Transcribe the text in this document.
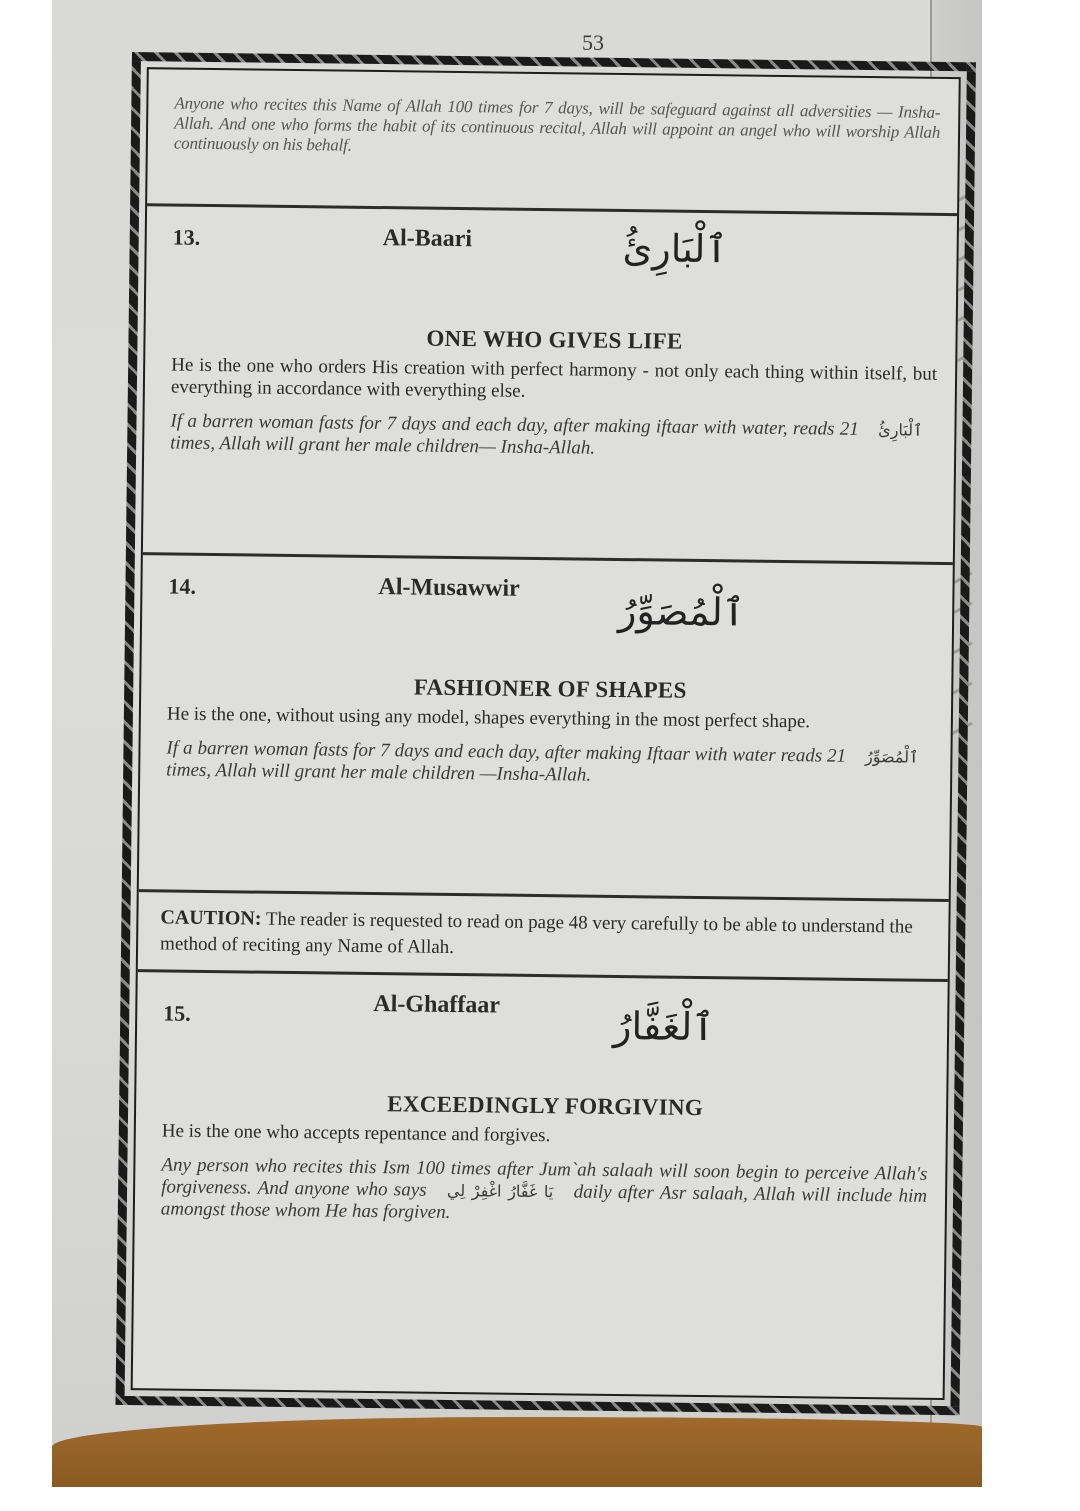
53

Anyone who recites this Name of Allah 100 times for 7 days, will be safeguard against all adversities — Insha-Allah. And one who forms the habit of its continuous recital, Allah will appoint an angel who will worship Allah continuously on his behalf.

13.	Al-Baari	ٱلْبَارِئُ
ONE WHO GIVES LIFE

He is the one who orders His creation with perfect harmony - not only each thing within itself, but everything in accordance with everything else.

If a barren woman fasts for 7 days and each day, after making iftaar with water, reads	ٱلْبَارِئُ 21 times, Allah will grant her male children— Insha-Allah.

14.	Al-Musawwir
ٱلْمُصَوِّرُ
FASHIONER OF SHAPES

He is the one, without using any model, shapes everything in the most perfect shape.

If a barren woman fasts for 7 days and each day, after making Iftaar with water reads	ٱلْمُصَوِّرُ 21 times, Allah will grant her male children —Insha-Allah.

CAUTION: The reader is requested to read on page 48 very carefully to be able to understand the method of reciting any Name of Allah.
15.	Al-Ghaffaar	ٱلْغَفَّارُ
EXCEEDINGLY FORGIVING

He is the one who accepts repentance and forgives.

Any person who recites this Ism 100 times after Jum`ah salaah will soon begin to perceive Allah's forgiveness. And anyone who says يَا غَفَّارُ اغْفِرْ لِي daily after Asr salaah, Allah will include him amongst those whom He has forgiven.
